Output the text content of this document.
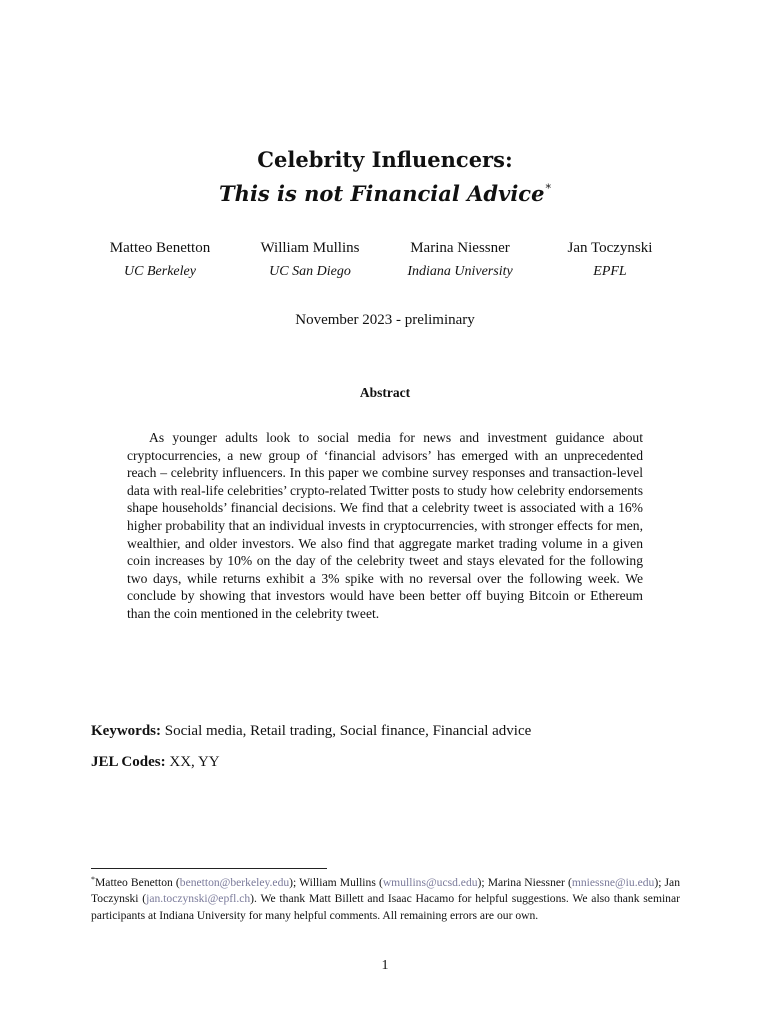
Celebrity Influencers:
This is not Financial Advice*
Matteo Benetton
UC Berkeley
William Mullins
UC San Diego
Marina Niessner
Indiana University
Jan Toczynski
EPFL
November 2023 - preliminary
Abstract

As younger adults look to social media for news and investment guidance about cryptocurrencies, a new group of ‘financial advisors’ has emerged with an unprecedented reach – celebrity influencers. In this paper we combine survey responses and transaction-level data with real-life celebrities’ crypto-related Twitter posts to study how celebrity endorsements shape households’ financial decisions. We find that a celebrity tweet is associated with a 16% higher probability that an individual invests in cryptocurrencies, with stronger effects for men, wealthier, and older investors. We also find that aggregate market trading volume in a given coin increases by 10% on the day of the celebrity tweet and stays elevated for the following two days, while returns exhibit a 3% spike with no reversal over the following week. We conclude by showing that investors would have been better off buying Bitcoin or Ethereum than the coin mentioned in the celebrity tweet.

Keywords: Social media, Retail trading, Social finance, Financial advice
JEL Codes: XX, YY

*Matteo Benetton (benetton@berkeley.edu); William Mullins (wmullins@ucsd.edu); Marina Niessner (mniessne@iu.edu); Jan Toczynski (jan.toczynski@epfl.ch). We thank Matt Billett and Isaac Hacamo for helpful suggestions. We also thank seminar participants at Indiana University for many helpful comments. All remaining errors are our own.

1
